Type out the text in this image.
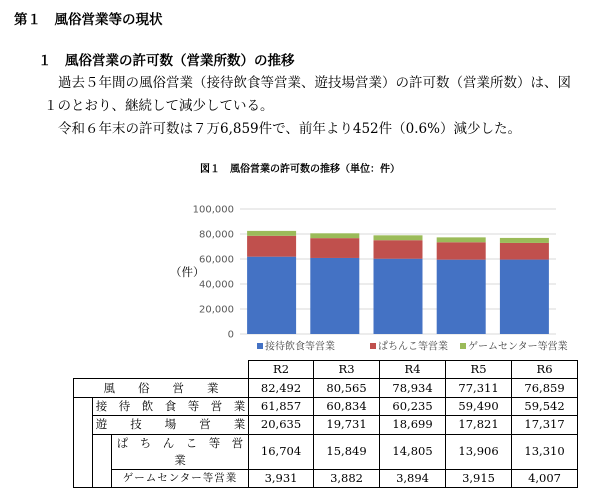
第１　風俗営業等の現状
１　風俗営業の許可数（営業所数）の推移
過去５年間の風俗営業（接待飲食等営業、遊技場営業）の許可数（営業所数）は、図
１のとおり、継続して減少している。
令和６年末の許可数は７万6,859件で、前年より452件（0.6%）減少した。
図１　風俗営業の許可数の推移（単位：件）
（件）
0
20,000
40,000
60,000
80,000
100,000
接待飲食等営業	ぱちんこ等営業 ゲームセンター等営業
			R2	R3	R4	R5	R6
風　　俗　　営　　業			82,492	80,565	78,934	77,311	76,859
	接　待　飲　食　等　営　業		61,857	60,834	60,235	59,490	59,542
	遊　　技　　場　　営　　業		20,635	19,731	18,699	17,821	17,317
		ぱ　ち　ん　こ　等　営　業	16,704	15,849	14,805	13,906	13,310
		ゲームセンター等営業	3,931	3,882	3,894	3,915	4,007
